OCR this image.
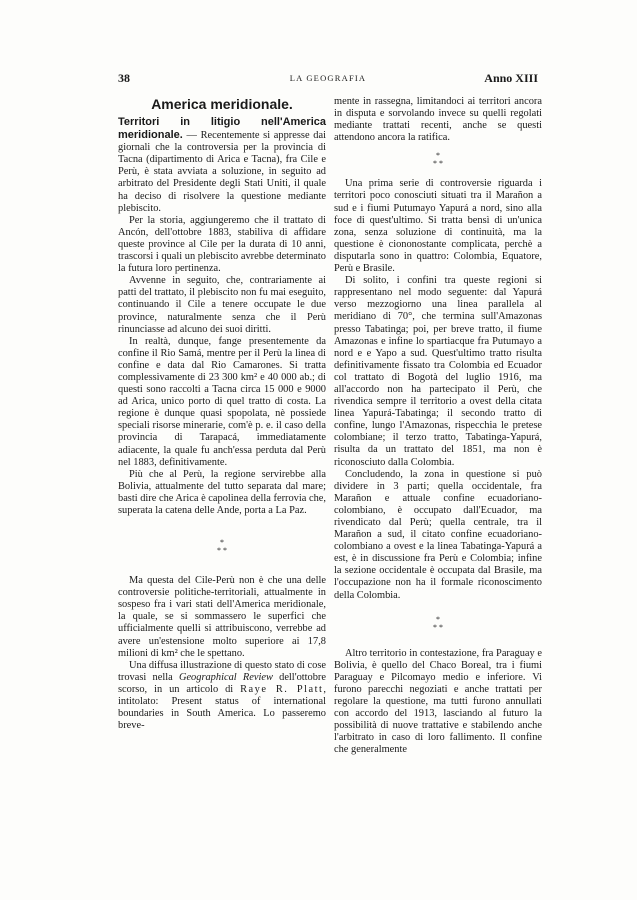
38	LA GEOGRAFIA	Anno XIII
America meridionale.

Territori in litigio nell'America meridionale. — Recentemente si appresse dai giornali che la controversia per la provincia di Tacna (dipartimento di Arica e Tacna), fra Cile e Perù, è stata avviata a soluzione, in seguito ad arbitrato del Presidente degli Stati Uniti, il quale ha deciso di risolvere la questione mediante plebiscito.

Per la storia, aggiungeremo che il trattato di Ancón, dell'ottobre 1883, stabiliva di affidare queste province al Cile per la durata di 10 anni, trascorsi i quali un plebiscito avrebbe determinato la futura loro pertinenza.

Avvenne in seguito, che, contrariamente ai patti del trattato, il plebiscito non fu mai eseguito, continuando il Cile a tenere occupate le due province, naturalmente senza che il Perù rinunciasse ad alcuno dei suoi diritti.

In realtà, dunque, fange presentemente da confine il Rio Samá, mentre per il Perù la linea di confine e data dal Rio Camarones. Si tratta complessivamente di 23 300 km² e 40 000 ab.; di questi sono raccolti a Tacna circa 15 000 e 9000 ad Arica, unico porto di quel tratto di costa. La regione è dunque quasi spopolata, nè possiede speciali risorse minerarie, com'è p. e. il caso della provincia di Tarapacá, immediatamente adiacente, la quale fu anch'essa perduta dal Perù nel 1883, definitivamente.

Più che al Perù, la regione servirebbe alla Bolivia, attualmente del tutto separata dal mare; basti dire che Arica è capolinea della ferrovia che, superata la catena delle Ande, porta a La Paz.

*
* *

Ma questa del Cile-Perù non è che una delle controversie politiche-territoriali, attualmente in sospeso fra i vari stati dell'America meridionale, la quale, se si sommassero le superfici che ufficialmente quelli si attribuiscono, verrebbe ad avere un'estensione molto superiore ai 17,8 milioni di km² che le spettano.

Una diffusa illustrazione di questo stato di cose trovasi nella Geographical Review dell'ottobre scorso, in un articolo di Raye R. Platt, intitolato: Present status of international boundaries in South America. Lo passeremo breve-

mente in rassegna, limitandoci ai territori ancora in disputa e sorvolando invece su quelli regolati mediante trattati recenti, anche se questi attendono ancora la ratifica.

*
* *

Una prima serie di controversie riguarda i territori poco conosciuti situati tra il Marañon a sud e i fiumi Putumayo Yapurá a nord, sino alla foce di quest'ultimo. Si tratta bensì di un'unica zona, senza soluzione di continuità, ma la questione è ciononostante complicata, perchè a disputarla sono in quattro: Colombia, Equatore, Perù e Brasile.

Di solito, i confini tra queste regioni si rappresentano nel modo seguente: dal Yapurá verso mezzogiorno una linea parallela al meridiano di 70°, che termina sull'Amazonas presso Tabatinga; poi, per breve tratto, il fiume Amazonas e infine lo spartiacque fra Putumayo a nord e e Yapo a sud. Quest'ultimo tratto risulta definitivamente fissato tra Colombia ed Ecuador col trattato di Bogotà del luglio 1916, ma all'accordo non ha partecipato il Perù, che rivendica sempre il territorio a ovest della citata linea Yapurá-Tabatinga; il secondo tratto di confine, lungo l'Amazonas, rispecchia le pretese colombiane; il terzo tratto, Tabatinga-Yapurá, risulta da un trattato del 1851, ma non è riconosciuto dalla Colombia.

Concludendo, la zona in questione si può dividere in 3 parti; quella occidentale, fra Marañon e attuale confine ecuadoriano-colombiano, è occupato dall'Ecuador, ma rivendicato dal Perù; quella centrale, tra il Marañon a sud, il citato confine ecuadoriano-colombiano a ovest e la linea Tabatinga-Yapurá a est, è in discussione fra Perù e Colombia; infine la sezione occidentale è occupata dal Brasile, ma l'occupazione non ha il formale riconoscimento della Colombia.

*
* *

Altro territorio in contestazione, fra Paraguay e Bolivia, è quello del Chaco Boreal, tra i fiumi Paraguay e Pilcomayo medio e inferiore. Vi furono parecchi negoziati e anche trattati per regolare la questione, ma tutti furono annullati con accordo del 1913, lasciando al futuro la possibilità di nuove trattative e stabilendo anche l'arbitrato in caso di loro fallimento. Il confine che generalmente
